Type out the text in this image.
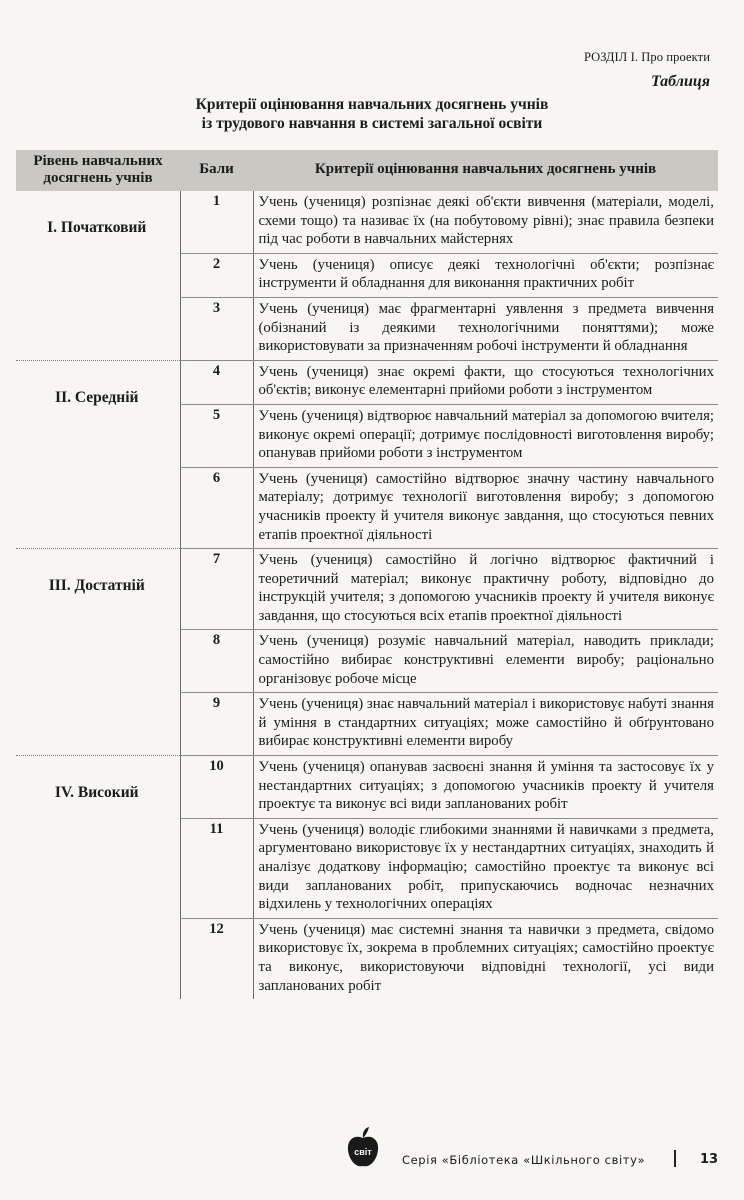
РОЗДІЛ І. Про проекти
Таблиця
Критерії оцінювання навчальних досягнень учнів
із трудового навчання в системі загальної освіти
Рівень навчальних
досягнень учнів	Бали	Критерії оцінювання навчальних досягнень учнів
І. Початковий	1	Учень (учениця) розпізнає деякі об'єкти вивчення (матеріали, моделі, схеми тощо) та називає їх (на побутовому рівні); знає правила безпеки під час роботи в навчальних майстернях
	2	Учень (учениця) описує деякі технологічні об'єкти; розпізнає інструменти й обладнання для виконання практичних робіт
	3	Учень (учениця) має фрагментарні уявлення з предмета вивчення (обізнаний із деякими технологічними поняттями); може використовувати за призначенням робочі інструменти й обладнання
II. Середній	4	Учень (учениця) знає окремі факти, що стосуються технологічних об'єктів; виконує елементарні прийоми роботи з інструментом
	5	Учень (учениця) відтворює навчальний матеріал за допомогою вчителя; виконує окремі операції; дотримує послідовності виготовлення виробу; опанував прийоми роботи з інструментом
	6	Учень (учениця) самостійно відтворює значну частину навчального матеріалу; дотримує технології виготовлення виробу; з допомогою учасників проекту й учителя виконує завдання, що стосуються певних етапів проектної діяльності
III. Достатній	7	Учень (учениця) самостійно й логічно відтворює фактичний і теоретичний матеріал; виконує практичну роботу, відповідно до інструкцій учителя; з допомогою учасників проекту й учителя виконує завдання, що стосуються всіх етапів проектної діяльності
	8	Учень (учениця) розуміє навчальний матеріал, наводить приклади; самостійно вибирає конструктивні елементи виробу; раціонально організовує робоче місце
	9	Учень (учениця) знає навчальний матеріал і використовує набуті знання й уміння в стандартних ситуаціях; може самостійно й обґрунтовано вибирає конструктивні елементи виробу
IV. Високий	10	Учень (учениця) опанував засвоєні знання й уміння та застосовує їх у нестандартних ситуаціях; з допомогою учасників проекту й учителя проектує та виконує всі види запланованих робіт
	11	Учень (учениця) володіє глибокими знаннями й навичками з предмета, аргументовано використовує їх у нестандартних ситуаціях, знаходить й аналізує додаткову інформацію; самостійно проектує та виконує всі види запланованих робіт, припускаючись водночас незначних відхилень у технологічних операціях
	12	Учень (учениця) має системні знання та навички з предмета, свідомо використовує їх, зокрема в проблемних ситуаціях; самостійно проектує та виконує, використовуючи відповідні технології, усі види запланованих робіт
світ
Серія «Бібліотека «Шкільного світу»	13
